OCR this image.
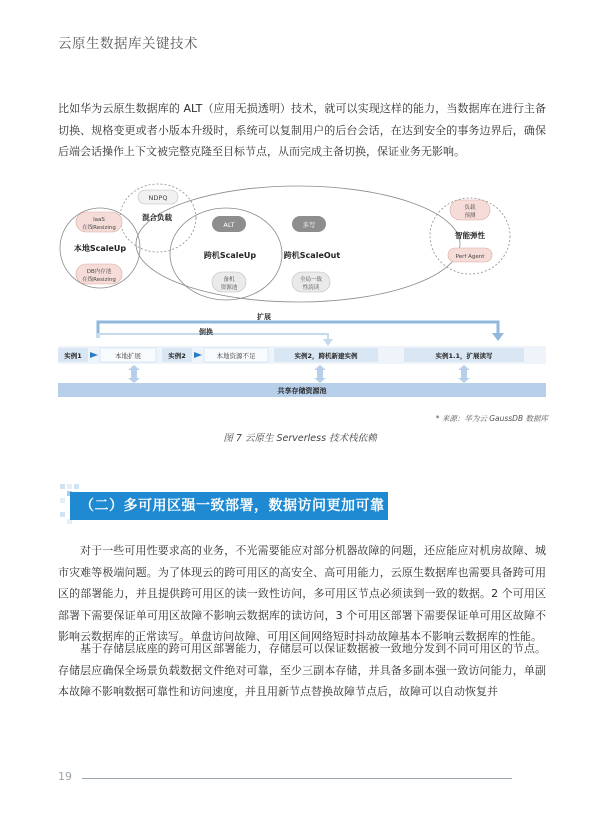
云原生数据库关键技术

比如华为云原生数据库的 ALT（应用无损透明）技术，就可以实现这样的能力，当数据库在进行主备切换、规格变更或者小版本升级时，系统可以复制用户的后台会话，在达到安全的事务边界后，确保后端会话操作上下文被完整克隆至目标节点，从而完成主备切换，保证业务无影响。

NDPQ
混合负载
IaaS
在线Resizing
本地ScaleUp
DB内存池
在线Resizing
ALT
跨机ScaleUp
备机
资源池
多写
跨机ScaleOut
全局一致
性読读
负载
预测
智能弹性
Perf Agent
扩展
倒换
实例1	本地扩展	实例2	本地资源不足	实例2，跨机新建实例	实例1.1，扩展读写
共享存储资源池
* 来源：华为云 GaussDB 数据库
图 7 云原生 Serverless 技术栈依赖
（二）多可用区强一致部署，数据访问更加可靠

对于一些可用性要求高的业务，不光需要能应对部分机器故障的问题，还应能应对机房故障、城市灾难等极端问题。为了体现云的跨可用区的高安全、高可用能力，云原生数据库也需要具备跨可用区的部署能力，并且提供跨可用区的读一致性访问，多可用区节点必须读到一致的数据。2 个可用区部署下需要保证单可用区故障不影响云数据库的读访问，3 个可用区部署下需要保证单可用区故障不影响云数据库的正常读写。单盘访问故障、可用区间网络短时抖动故障基本不影响云数据库的性能。

基于存储层底座的跨可用区部署能力，存储层可以保证数据被一致地分发到不同可用区的节点。存储层应确保全场景负载数据文件绝对可靠，至少三副本存储，并具备多副本强一致访问能力，单副本故障不影响数据可靠性和访问速度，并且用新节点替换故障节点后，故障可以自动恢复并

19
